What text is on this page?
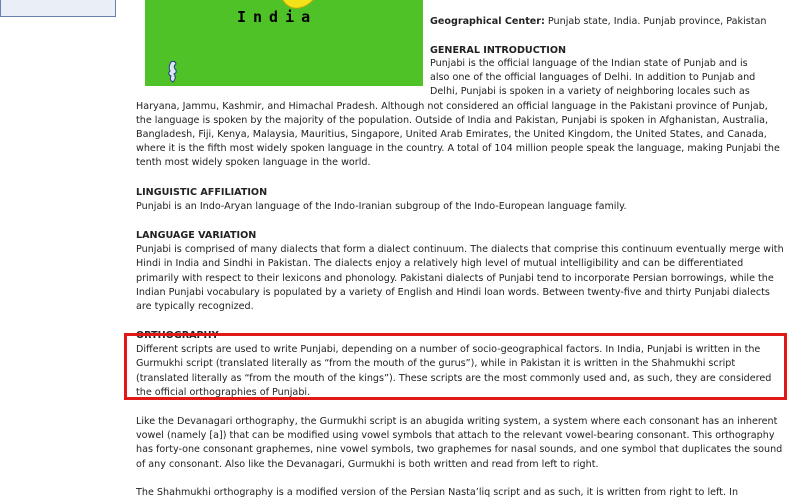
India	Geographical Center: Punjab state, India. Punjab province, Pakistan

GENERAL INTRODUCTION

Punjabi is the official language of the Indian state of Punjab and is
also one of the official languages of Delhi. In addition to Punjab and
Delhi, Punjabi is spoken in a variety of neighboring locales such as
Haryana, Jammu, Kashmir, and Himachal Pradesh. Although not considered an official language in the Pakistani province of Punjab, the language is spoken by the majority of the population. Outside of India and Pakistan, Punjabi is spoken in Afghanistan, Australia, Bangladesh, Fiji, Kenya, Malaysia, Mauritius, Singapore, United Arab Emirates, the United Kingdom, the United States, and Canada, where it is the fifth most widely spoken language in the country. A total of 104 million people speak the language, making Punjabi the tenth most widely spoken language in the world.

LINGUISTIC AFFILIATION

Punjabi is an Indo-Aryan language of the Indo-Iranian subgroup of the Indo-European language family.

LANGUAGE VARIATION

Punjabi is comprised of many dialects that form a dialect continuum. The dialects that comprise this continuum eventually merge with Hindi in India and Sindhi in Pakistan. The dialects enjoy a relatively high level of mutual intelligibility and can be differentiated primarily with respect to their lexicons and phonology. Pakistani dialects of Punjabi tend to incorporate Persian borrowings, while the Indian Punjabi vocabulary is populated by a variety of English and Hindi loan words. Between twenty-five and thirty Punjabi dialects are typically recognized.

ORTHOGRAPHY

Different scripts are used to write Punjabi, depending on a number of socio-geographical factors. In India, Punjabi is written in the Gurmukhi script (translated literally as “from the mouth of the gurus”), while in Pakistan it is written in the Shahmukhi script (translated literally as “from the mouth of the kings”). These scripts are the most commonly used and, as such, they are considered the official orthographies of Punjabi.

Like the Devanagari orthography, the Gurmukhi script is an abugida writing system, a system where each consonant has an inherent vowel (namely [a]) that can be modified using vowel symbols that attach to the relevant vowel-bearing consonant. This orthography has forty-one consonant graphemes, nine vowel symbols, two graphemes for nasal sounds, and one symbol that duplicates the sound of any consonant. Also like the Devanagari, Gurmukhi is both written and read from left to right.

The Shahmukhi orthography is a modified version of the Persian Nasta’liq script and as such, it is written from right to left. In
